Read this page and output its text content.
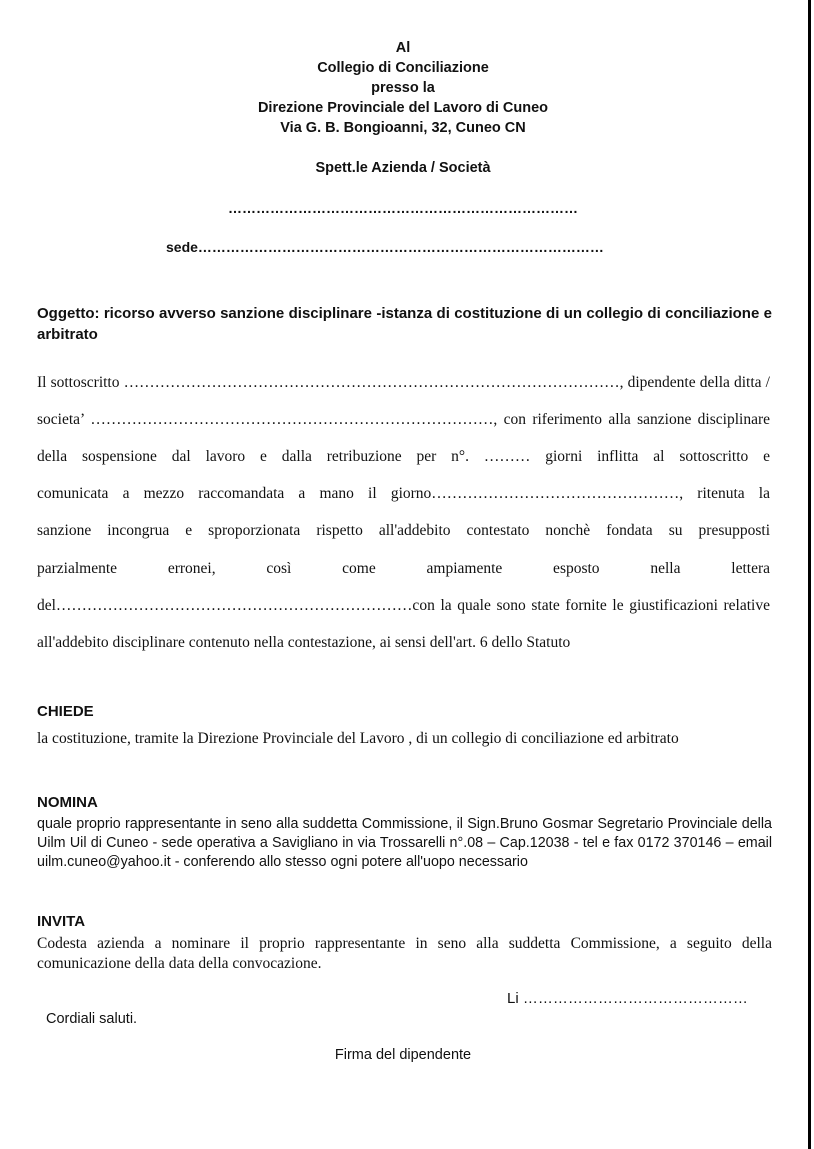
Al
Collegio di Conciliazione
presso la
Direzione Provinciale del Lavoro di Cuneo
Via G. B. Bongioanni, 32, Cuneo CN
Spett.le Azienda / Società
…………………………………………………………………
sede……………………………………………………………………………
Oggetto: ricorso avverso sanzione disciplinare -istanza di costituzione di un collegio di conciliazione e arbitrato
Il sottoscritto ……………………………………………………………………………………, dipendente della ditta /
societa’ ……………………………………………………………………, con riferimento alla sanzione disciplinare
della sospensione dal lavoro e dalla retribuzione per n°. ……… giorni inflitta al sottoscritto e
comunicata a mezzo raccomandata a mano il giorno…………………………………………, ritenuta la
sanzione incongrua e sproporzionata rispetto all'addebito contestato nonchè fondata su presupposti
parzialmente erronei, così come ampiamente esposto nella lettera
del……………………………………………………………con la quale sono state fornite le giustificazioni relative
all'addebito disciplinare contenuto nella contestazione, ai sensi dell'art. 6 dello Statuto
CHIEDE
la costituzione, tramite la Direzione Provinciale del Lavoro , di un collegio di conciliazione ed arbitrato
NOMINA
quale proprio rappresentante in seno alla suddetta Commissione, il Sign.Bruno Gosmar Segretario Provinciale della Uilm Uil di Cuneo - sede operativa a Savigliano in via Trossarelli n°.08 – Cap.12038 - tel e fax 0172 370146 – email uilm.cuneo@yahoo.it - conferendo allo stesso ogni potere all'uopo necessario
INVITA
Codesta azienda a nominare il proprio rappresentante in seno alla suddetta Commissione, a seguito della comunicazione della data della convocazione.
Li ………………………………………
Cordiali saluti.
Firma del dipendente
